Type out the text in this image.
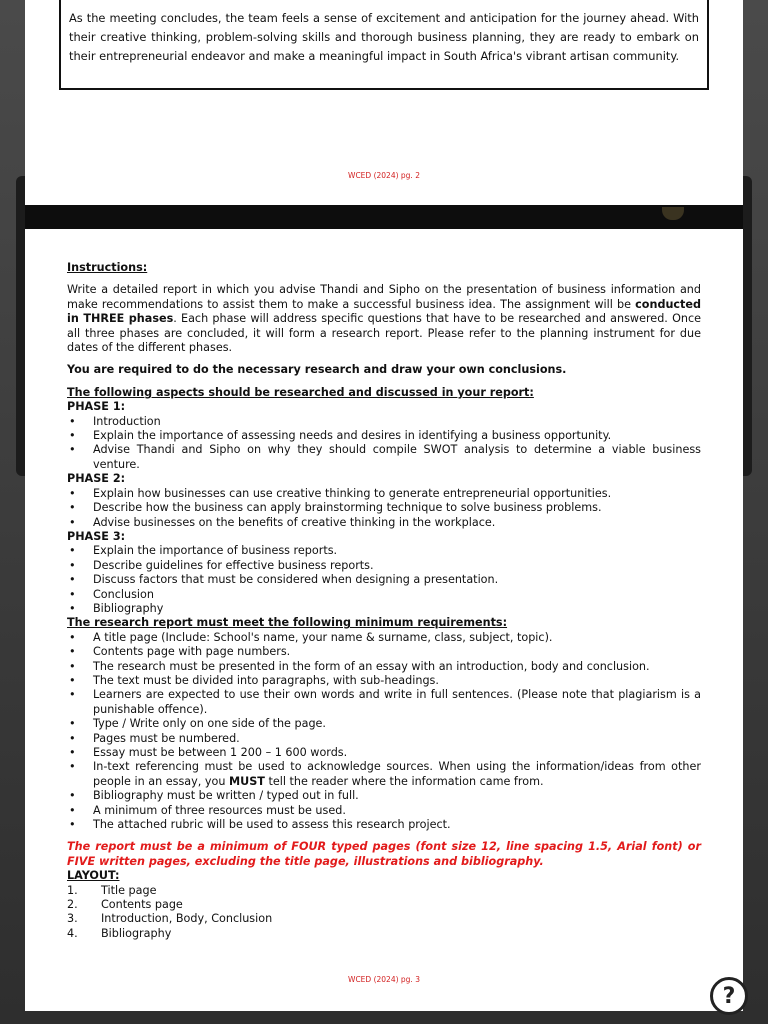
As the meeting concludes, the team feels a sense of excitement and anticipation for the journey ahead. With their creative thinking, problem-solving skills and thorough business planning, they are ready to embark on their entrepreneurial endeavor and make a meaningful impact in South Africa's vibrant artisan community.
WCED (2024) pg. 2

Instructions:

Write a detailed report in which you advise Thandi and Sipho on the presentation of business information and make recommendations to assist them to make a successful business idea. The assignment will be conducted in THREE phases. Each phase will address specific questions that have to be researched and answered. Once all three phases are concluded, it will form a research report. Please refer to the planning instrument for due dates of the different phases.

You are required to do the necessary research and draw your own conclusions.

The following aspects should be researched and discussed in your report:

PHASE 1:

• Introduction
• Explain the importance of assessing needs and desires in identifying a business opportunity.
• Advise Thandi and Sipho on why they should compile SWOT analysis to determine a viable business venture.

PHASE 2:

• Explain how businesses can use creative thinking to generate entrepreneurial opportunities.
• Describe how the business can apply brainstorming technique to solve business problems.
• Advise businesses on the benefits of creative thinking in the workplace.

PHASE 3:

• Explain the importance of business reports.
• Describe guidelines for effective business reports.
• Discuss factors that must be considered when designing a presentation.
• Conclusion
• Bibliography

The research report must meet the following minimum requirements:

• A title page (Include: School's name, your name & surname, class, subject, topic).
• Contents page with page numbers.
• The research must be presented in the form of an essay with an introduction, body and conclusion.
• The text must be divided into paragraphs, with sub-headings.
• Learners are expected to use their own words and write in full sentences. (Please note that plagiarism is a punishable offence).
• Type / Write only on one side of the page.
• Pages must be numbered.
• Essay must be between 1 200 – 1 600 words.
• In-text referencing must be used to acknowledge sources. When using the information/ideas from other people in an essay, you MUST tell the reader where the information came from.
• Bibliography must be written / typed out in full.
• A minimum of three resources must be used.
• The attached rubric will be used to assess this research project.

The report must be a minimum of FOUR typed pages (font size 12, line spacing 1.5, Arial font) or FIVE written pages, excluding the title page, illustrations and bibliography.

LAYOUT:

1.	Title page
2.	Contents page
3.	Introduction, Body, Conclusion
4.	Bibliography
WCED (2024) pg. 3
?
